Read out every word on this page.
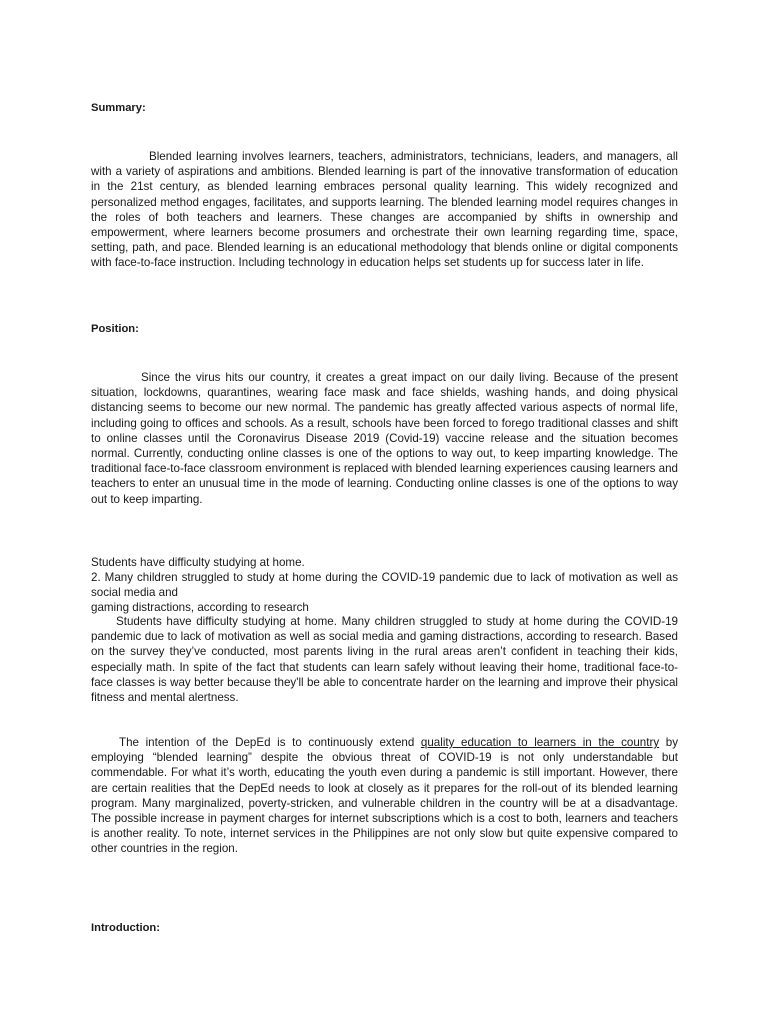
Summary:

Blended learning involves learners, teachers, administrators, technicians, leaders, and managers, all with a variety of aspirations and ambitions. Blended learning is part of the innovative transformation of education in the 21st century, as blended learning embraces personal quality learning. This widely recognized and personalized method engages, facilitates, and supports learning. The blended learning model requires changes in the roles of both teachers and learners. These changes are accompanied by shifts in ownership and empowerment, where learners become prosumers and orchestrate their own learning regarding time, space, setting, path, and pace. Blended learning is an educational methodology that blends online or digital components with face-to-face instruction. Including technology in education helps set students up for success later in life.

Position:

Since the virus hits our country, it creates a great impact on our daily living. Because of the present situation, lockdowns, quarantines, wearing face mask and face shields, washing hands, and doing physical distancing seems to become our new normal. The pandemic has greatly affected various aspects of normal life, including going to offices and schools. As a result, schools have been forced to forego traditional classes and shift to online classes until the Coronavirus Disease 2019 (Covid-19) vaccine release and the situation becomes normal. Currently, conducting online classes is one of the options to way out, to keep imparting knowledge. The traditional face-to-face classroom environment is replaced with blended learning experiences causing learners and teachers to enter an unusual time in the mode of learning. Conducting online classes is one of the options to way out to keep imparting.

Students have difficulty studying at home.

2. Many children struggled to study at home during the COVID-19 pandemic due to lack of motivation as well as social media and

gaming distractions, according to research

Students have difficulty studying at home. Many children struggled to study at home during the COVID-19 pandemic due to lack of motivation as well as social media and gaming distractions, according to research. Based on the survey they’ve conducted, most parents living in the rural areas aren’t confident in teaching their kids, especially math. In spite of the fact that students can learn safely without leaving their home, traditional face-to-face classes is way better because they'll be able to concentrate harder on the learning and improve their physical fitness and mental alertness.

The intention of the DepEd is to continuously extend quality education to learners in the country by employing “blended learning” despite the obvious threat of COVID-19 is not only understandable but commendable. For what it’s worth, educating the youth even during a pandemic is still important. However, there are certain realities that the DepEd needs to look at closely as it prepares for the roll-out of its blended learning program. Many marginalized, poverty-stricken, and vulnerable children in the country will be at a disadvantage. The possible increase in payment charges for internet subscriptions which is a cost to both, learners and teachers is another reality. To note, internet services in the Philippines are not only slow but quite expensive compared to other countries in the region.

Introduction:
